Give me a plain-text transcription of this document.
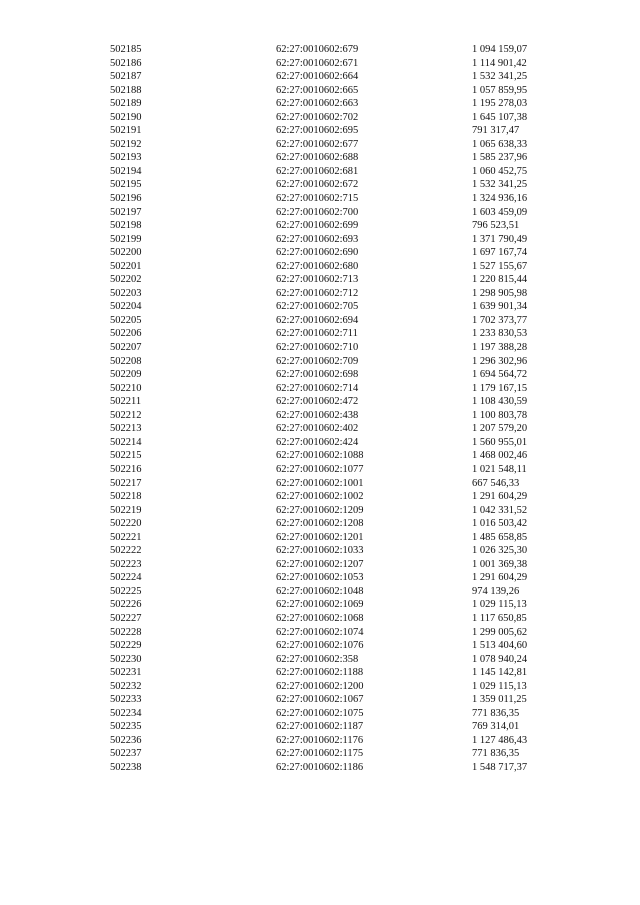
502185	62:27:0010602:679	1 094 159,07
502186	62:27:0010602:671	1 114 901,42
502187	62:27:0010602:664	1 532 341,25
502188	62:27:0010602:665	1 057 859,95
502189	62:27:0010602:663	1 195 278,03
502190	62:27:0010602:702	1 645 107,38
502191	62:27:0010602:695	791 317,47
502192	62:27:0010602:677	1 065 638,33
502193	62:27:0010602:688	1 585 237,96
502194	62:27:0010602:681	1 060 452,75
502195	62:27:0010602:672	1 532 341,25
502196	62:27:0010602:715	1 324 936,16
502197	62:27:0010602:700	1 603 459,09
502198	62:27:0010602:699	796 523,51
502199	62:27:0010602:693	1 371 790,49
502200	62:27:0010602:690	1 697 167,74
502201	62:27:0010602:680	1 527 155,67
502202	62:27:0010602:713	1 220 815,44
502203	62:27:0010602:712	1 298 905,98
502204	62:27:0010602:705	1 639 901,34
502205	62:27:0010602:694	1 702 373,77
502206	62:27:0010602:711	1 233 830,53
502207	62:27:0010602:710	1 197 388,28
502208	62:27:0010602:709	1 296 302,96
502209	62:27:0010602:698	1 694 564,72
502210	62:27:0010602:714	1 179 167,15
502211	62:27:0010602:472	1 108 430,59
502212	62:27:0010602:438	1 100 803,78
502213	62:27:0010602:402	1 207 579,20
502214	62:27:0010602:424	1 560 955,01
502215	62:27:0010602:1088	1 468 002,46
502216	62:27:0010602:1077	1 021 548,11
502217	62:27:0010602:1001	667 546,33
502218	62:27:0010602:1002	1 291 604,29
502219	62:27:0010602:1209	1 042 331,52
502220	62:27:0010602:1208	1 016 503,42
502221	62:27:0010602:1201	1 485 658,85
502222	62:27:0010602:1033	1 026 325,30
502223	62:27:0010602:1207	1 001 369,38
502224	62:27:0010602:1053	1 291 604,29
502225	62:27:0010602:1048	974 139,26
502226	62:27:0010602:1069	1 029 115,13
502227	62:27:0010602:1068	1 117 650,85
502228	62:27:0010602:1074	1 299 005,62
502229	62:27:0010602:1076	1 513 404,60
502230	62:27:0010602:358	1 078 940,24
502231	62:27:0010602:1188	1 145 142,81
502232	62:27:0010602:1200	1 029 115,13
502233	62:27:0010602:1067	1 359 011,25
502234	62:27:0010602:1075	771 836,35
502235	62:27:0010602:1187	769 314,01
502236	62:27:0010602:1176	1 127 486,43
502237	62:27:0010602:1175	771 836,35
502238	62:27:0010602:1186	1 548 717,37
